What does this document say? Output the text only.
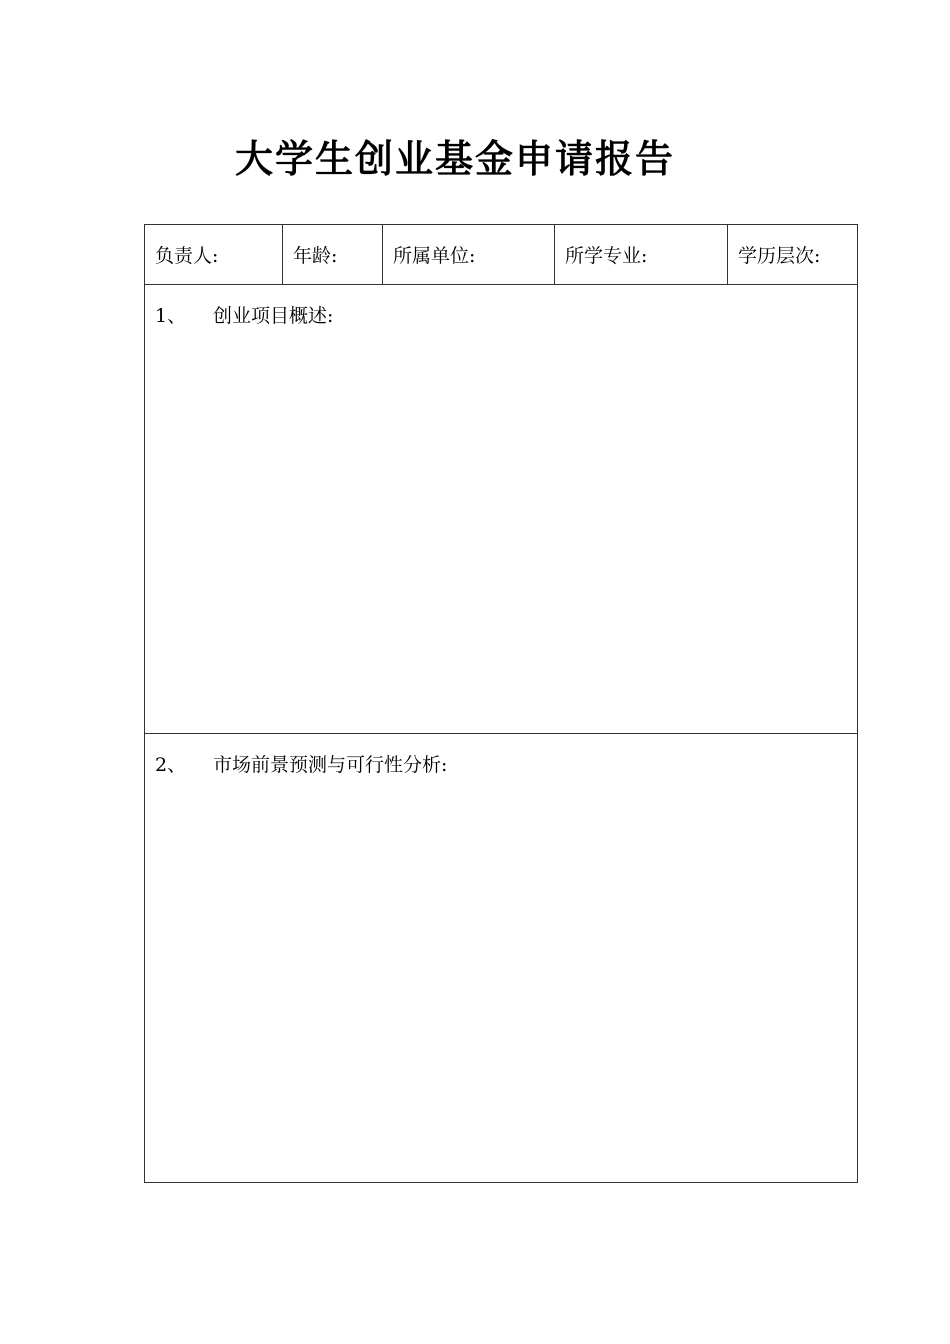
大学生创业基金申请报告
负责人:	年龄:	所属单位:	所学专业:	学历层次:

1、	创业项目概述:

2、	市场前景预测与可行性分析:
